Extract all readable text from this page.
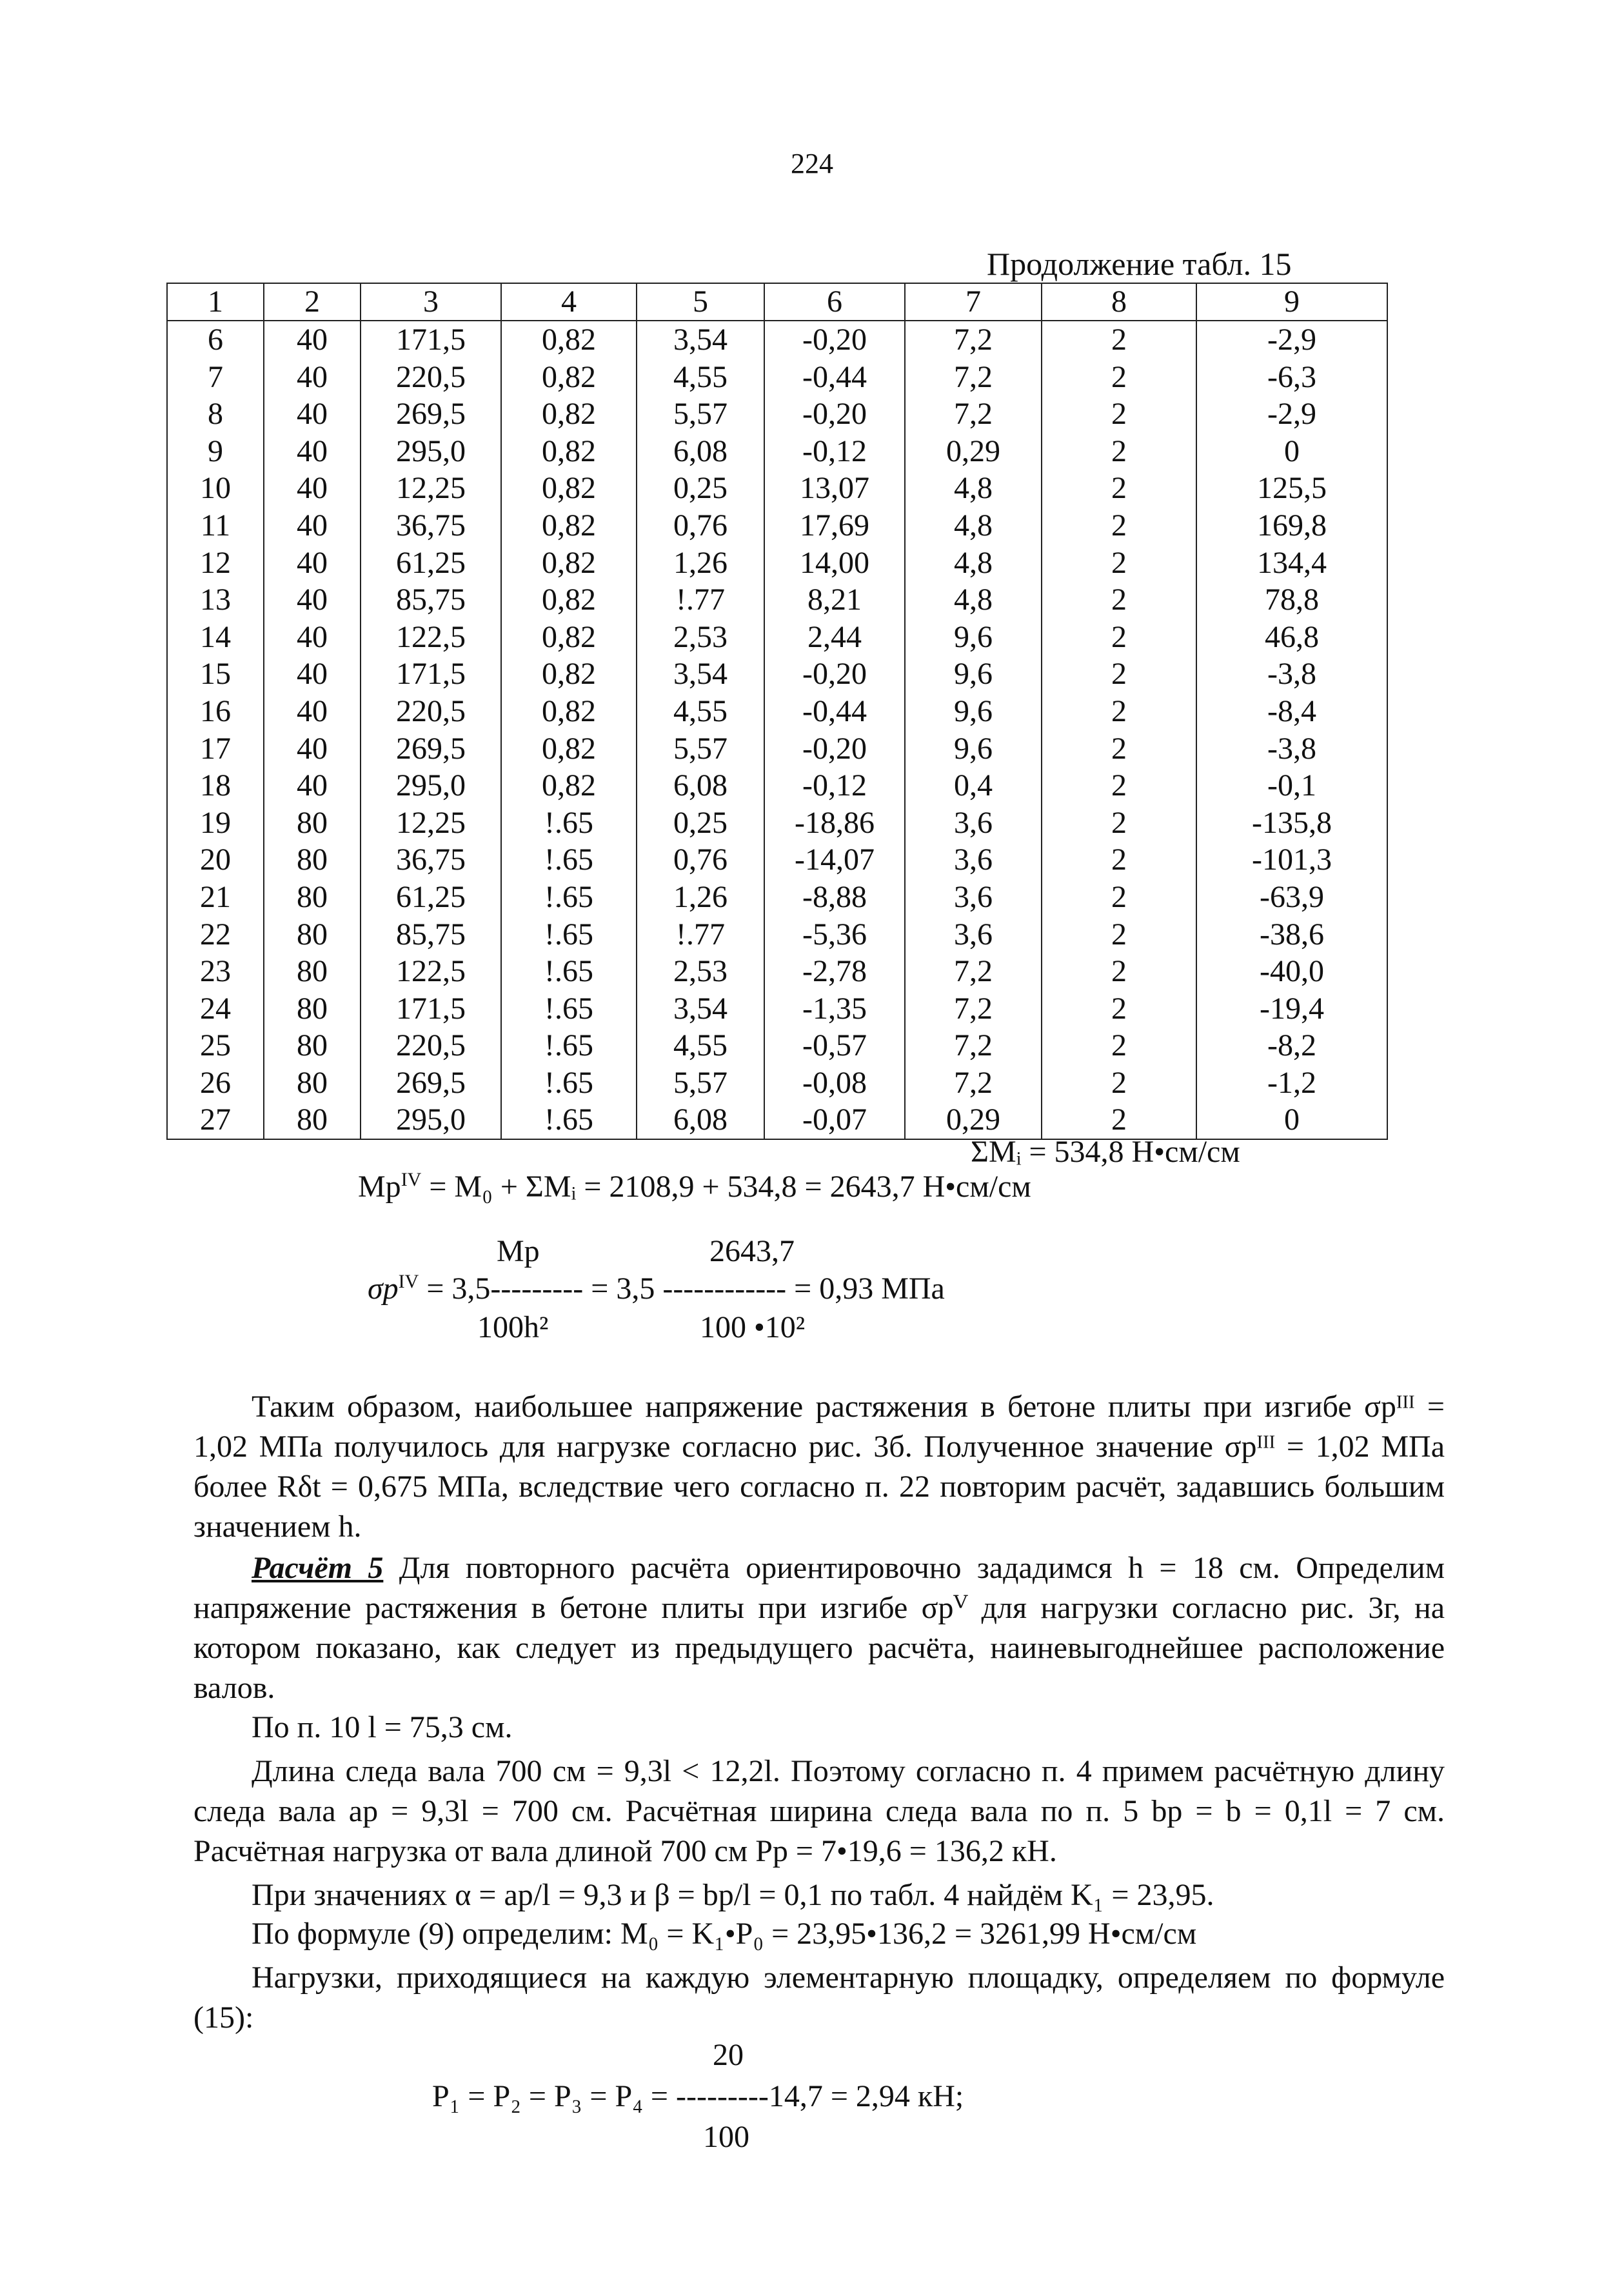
224
Продолжение табл. 15
1	2	3	4	5	6	7	8	9
6	40	171,5	0,82	3,54	-0,20	7,2	2	-2,9
7	40	220,5	0,82	4,55	-0,44	7,2	2	-6,3
8	40	269,5	0,82	5,57	-0,20	7,2	2	-2,9
9	40	295,0	0,82	6,08	-0,12	0,29	2	0
10	40	12,25	0,82	0,25	13,07	4,8	2	125,5
11	40	36,75	0,82	0,76	17,69	4,8	2	169,8
12	40	61,25	0,82	1,26	14,00	4,8	2	134,4
13	40	85,75	0,82	!.77	8,21	4,8	2	78,8
14	40	122,5	0,82	2,53	2,44	9,6	2	46,8
15	40	171,5	0,82	3,54	-0,20	9,6	2	-3,8
16	40	220,5	0,82	4,55	-0,44	9,6	2	-8,4
17	40	269,5	0,82	5,57	-0,20	9,6	2	-3,8
18	40	295,0	0,82	6,08	-0,12	0,4	2	-0,1
19	80	12,25	!.65	0,25	-18,86	3,6	2	-135,8
20	80	36,75	!.65	0,76	-14,07	3,6	2	-101,3
21	80	61,25	!.65	1,26	-8,88	3,6	2	-63,9
22	80	85,75	!.65	!.77	-5,36	3,6	2	-38,6
23	80	122,5	!.65	2,53	-2,78	7,2	2	-40,0
24	80	171,5	!.65	3,54	-1,35	7,2	2	-19,4
25	80	220,5	!.65	4,55	-0,57	7,2	2	-8,2
26	80	269,5	!.65	5,57	-0,08	7,2	2	-1,2
27	80	295,0	!.65	6,08	-0,07	0,29	2	0
ΣMᵢ = 534,8 Н•см/см
$Mp^{IV} = M_0$ + ΣMᵢ = 2108,9 + 534,8 = 2643,7 Н•см/см
Mp	2643,7
$\sigma p^{IV} = 3,5--------- = 3,5$ ------------ = 0,93 МПа
100h²	100 •10²
Таким образом, наибольшее напряжение растяжения в бетоне плиты при изгибе σpᴵᴵᴵ = 1,02 МПа получилось для нагрузке согласно рис. 3б. Полученное значение σpᴵᴵᴵ = 1,02 МПа более Rδt = 0,675 МПа, вследствие чего согласно п. 22 повторим расчёт, задавшись большим значением h.
Расчёт 5 Для повторного расчёта ориентировочно зададимся h = 18 см. Определим напряжение растяжения в бетоне плиты при изгибе σpⱽ для нагрузки согласно рис. 3г, на котором показано, как следует из предыдущего расчёта, наиневыгоднейшее расположение валов.
По п. 10 l = 75,3 см.
Длина следа вала 700 см = 9,3l < 12,2l. Поэтому согласно п. 4 примем расчётную длину следа вала aр = 9,3l = 700 см. Расчётная ширина следа вала по п. 5 bр = b = 0,1l = 7 см. Расчётная нагрузка от вала длиной 700 см Pр = 7•19,6 = 136,2 кН.
При значениях α = aр/l = 9,3 и β = bр/l = 0,1 по табл. 4 найдём K₁ = 23,95.
По формуле (9) определим: M₀ = K₁•P₀ = 23,95•136,2 = 3261,99 Н•см/см
Нагрузки, приходящиеся на каждую элементарную площадку, определяем по формуле (15):
20
P₁ = P₂ = P₃ = P₄ = ---------14,7 = 2,94 кН;
100
